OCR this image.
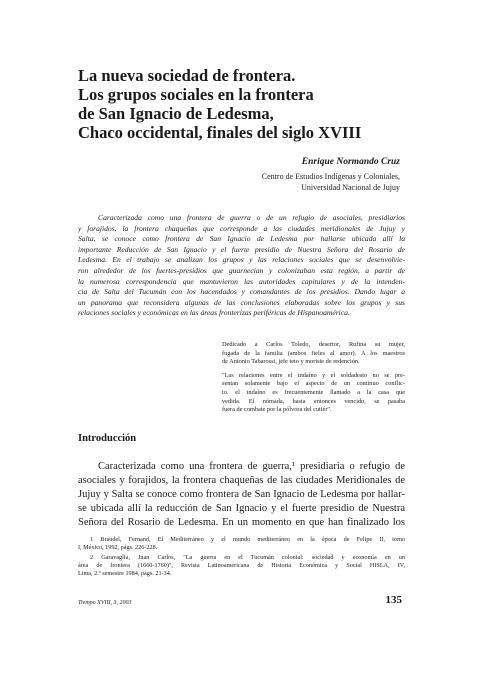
La nueva sociedad de frontera.
Los grupos sociales en la frontera
de San Ignacio de Ledesma,
Chaco occidental, finales del siglo XVIII
Enrique Normando Cruz
Centro de Estudios Indígenas y Coloniales,
Universidad Nacional de Jujuy
Caracterizada como una frontera de guerra o de un refugio de asociales, presidiarios
y forajidos, la frontera chaqueñas que corresponde a las ciudades meridionales de Jujuy y
Salta, se conoce como frontera de San Ignacio de Ledesma por hallarse ubicada allí la
importante Reducción de San Ignacio y el fuerte presidio de Nuestra Señora del Rosario de
Ledesma. En el trabajo se analizan los grupos y las relaciones sociales que se desenvolvie-
ron alrededor de los fuertes-presidios que guarnecían y colonizaban esta región, a partir de
la numerosa correspondencia que mantuvieron las autoridades capitulares y de la intenden-
cia de Salta del Tucumán con los hacendados y comandantes de los presidios. Dando lugar a
un panorama que reconsidera algunas de las conclusiones elaboradas sobre los grupos y sus
relaciones sociales y económicas en las áreas fronterizas periféricas de Hispanoamérica.
Dedicado a Carlos Toledo, desertor, Rufina su mujer,
fugada de la familia (ambos fieles al amor). A los maestros
de Antonio Tabarossi, jefe teto y moriste de redención.
"Las relaciones entre el indaíno y el soldadesto no se pre-
sentan solamente bajo el aspecto de un continuo conflic-
to. el indaíno es frecuentemente llamado a la casa que
vedida. El nómada, hasta entonces vencido, se pasaba
fuera de combate por la pólvora del cutiér".
Introducción
Caracterizada como una frontera de guerra,¹ presidiaria o refugio de
asociales y forajidos, la frontera chaqueñas de las ciudades Meridionales de
Jujuy y Salta se conoce como frontera de San Ignacio de Ledesma por hallar-
se ubicada allí la reducción de San Ignacio y el fuerte presidio de Nuestra
Señora del Rosario de Ledesma. En un momento en que han finalizado los
1 Braudel, Fernand, El Mediterráneo y el mundo mediterráneo en la época de Felipe II, tomo
I, México, 1992, págs. 226-228.
2 Garavaglia, Juan Carlos, "La guerra en el Tucumán colonial: sociedad y economía en un
área de frontera (1660-1760)", Revista Latinoamericana de Historia Económica y Social HISLA, IV,
Lima, 2.º semestre 1984, págs. 21-34.
Tiempo XVIII, 3, 2003	135
